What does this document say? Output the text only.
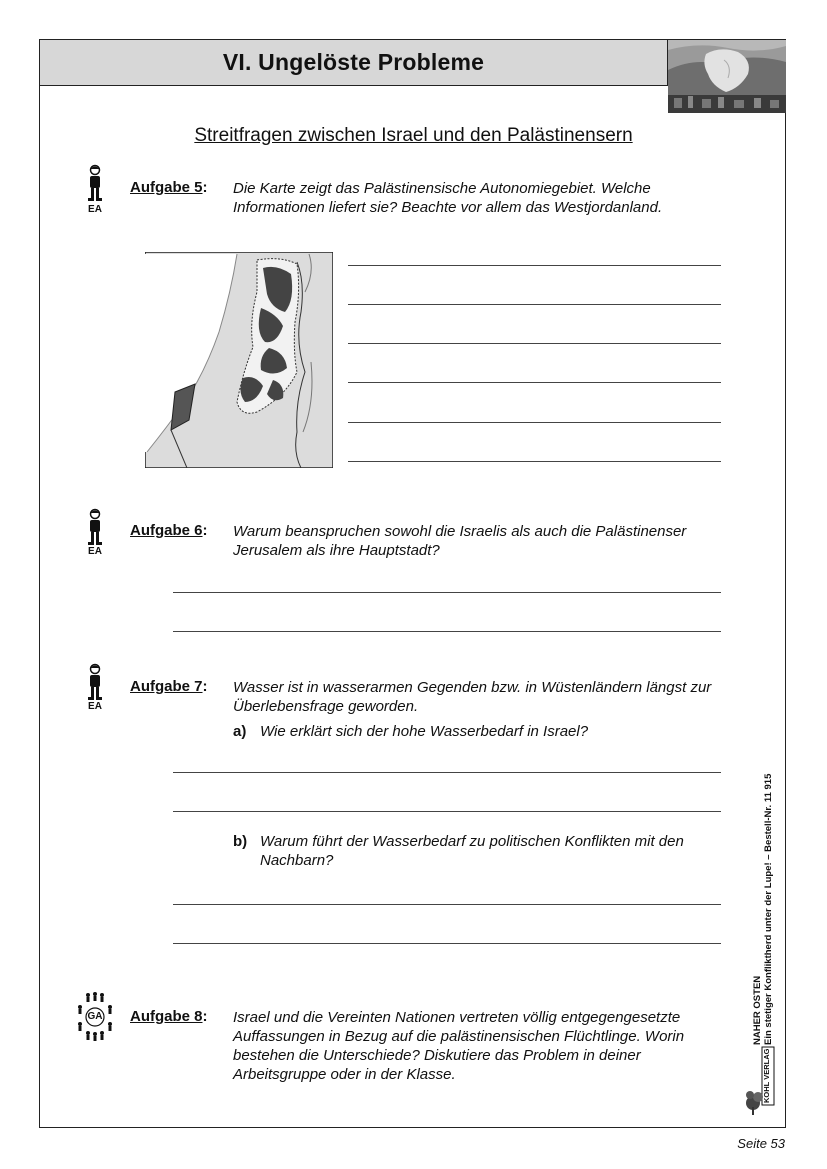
VI. Ungelöste Probleme
Streitfragen zwischen Israel und den Palästinensern
EA
Aufgabe 5: Die Karte zeigt das Palästinensische Autonomiegebiet. Welche Informationen liefert sie? Beachte vor allem das Westjordanland.
EA
Aufgabe 6: Warum beanspruchen sowohl die Israelis als auch die Palästinenser Jerusalem als ihre Hauptstadt?
EA
Aufgabe 7: Wasser ist in wasserarmen Gegenden bzw. in Wüstenländern längst zur Überlebensfrage geworden.
a) Wie erklärt sich der hohe Wasserbedarf in Israel?
b) Warum führt der Wasserbedarf zu politischen Konflikten mit den
Nachbarn?
GA	Aufgabe 8: Israel und die Vereinten Nationen vertreten völlig entgegengesetzte Auffassungen in Bezug auf die palästinensischen Flüchtlinge. Worin bestehen die Unterschiede? Diskutiere das Problem in deiner Arbeitsgruppe oder in der Klasse.
NAHER OSTEN Ein stetiger Konfliktherd unter der Lupe! – Bestell-Nr. 11 915
KOHL VERLAG
Seite 53
